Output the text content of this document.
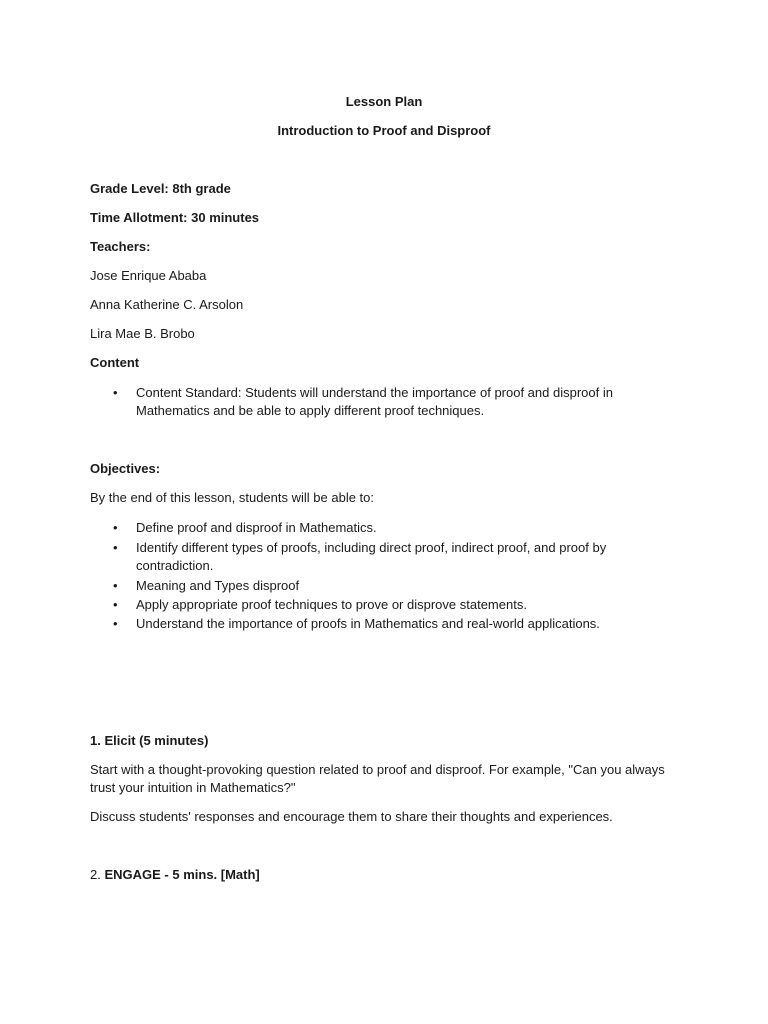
Lesson Plan
Introduction to Proof and Disproof
Grade Level: 8th grade
Time Allotment: 30 minutes
Teachers:
Jose Enrique Ababa
Anna Katherine C. Arsolon
Lira Mae B. Brobo
Content
•	Content Standard: Students will understand the importance of proof and disproof in Mathematics and be able to apply different proof techniques.
Objectives:
By the end of this lesson, students will be able to:
•	Define proof and disproof in Mathematics.
•	Identify different types of proofs, including direct proof, indirect proof, and proof by contradiction.
•	Meaning and Types disproof
•	Apply appropriate proof techniques to prove or disprove statements.
•	Understand the importance of proofs in Mathematics and real-world applications.
1. Elicit (5 minutes)
Start with a thought-provoking question related to proof and disproof. For example, "Can you always trust your intuition in Mathematics?"
Discuss students' responses and encourage them to share their thoughts and experiences.
2. ENGAGE - 5 mins. [Math]
